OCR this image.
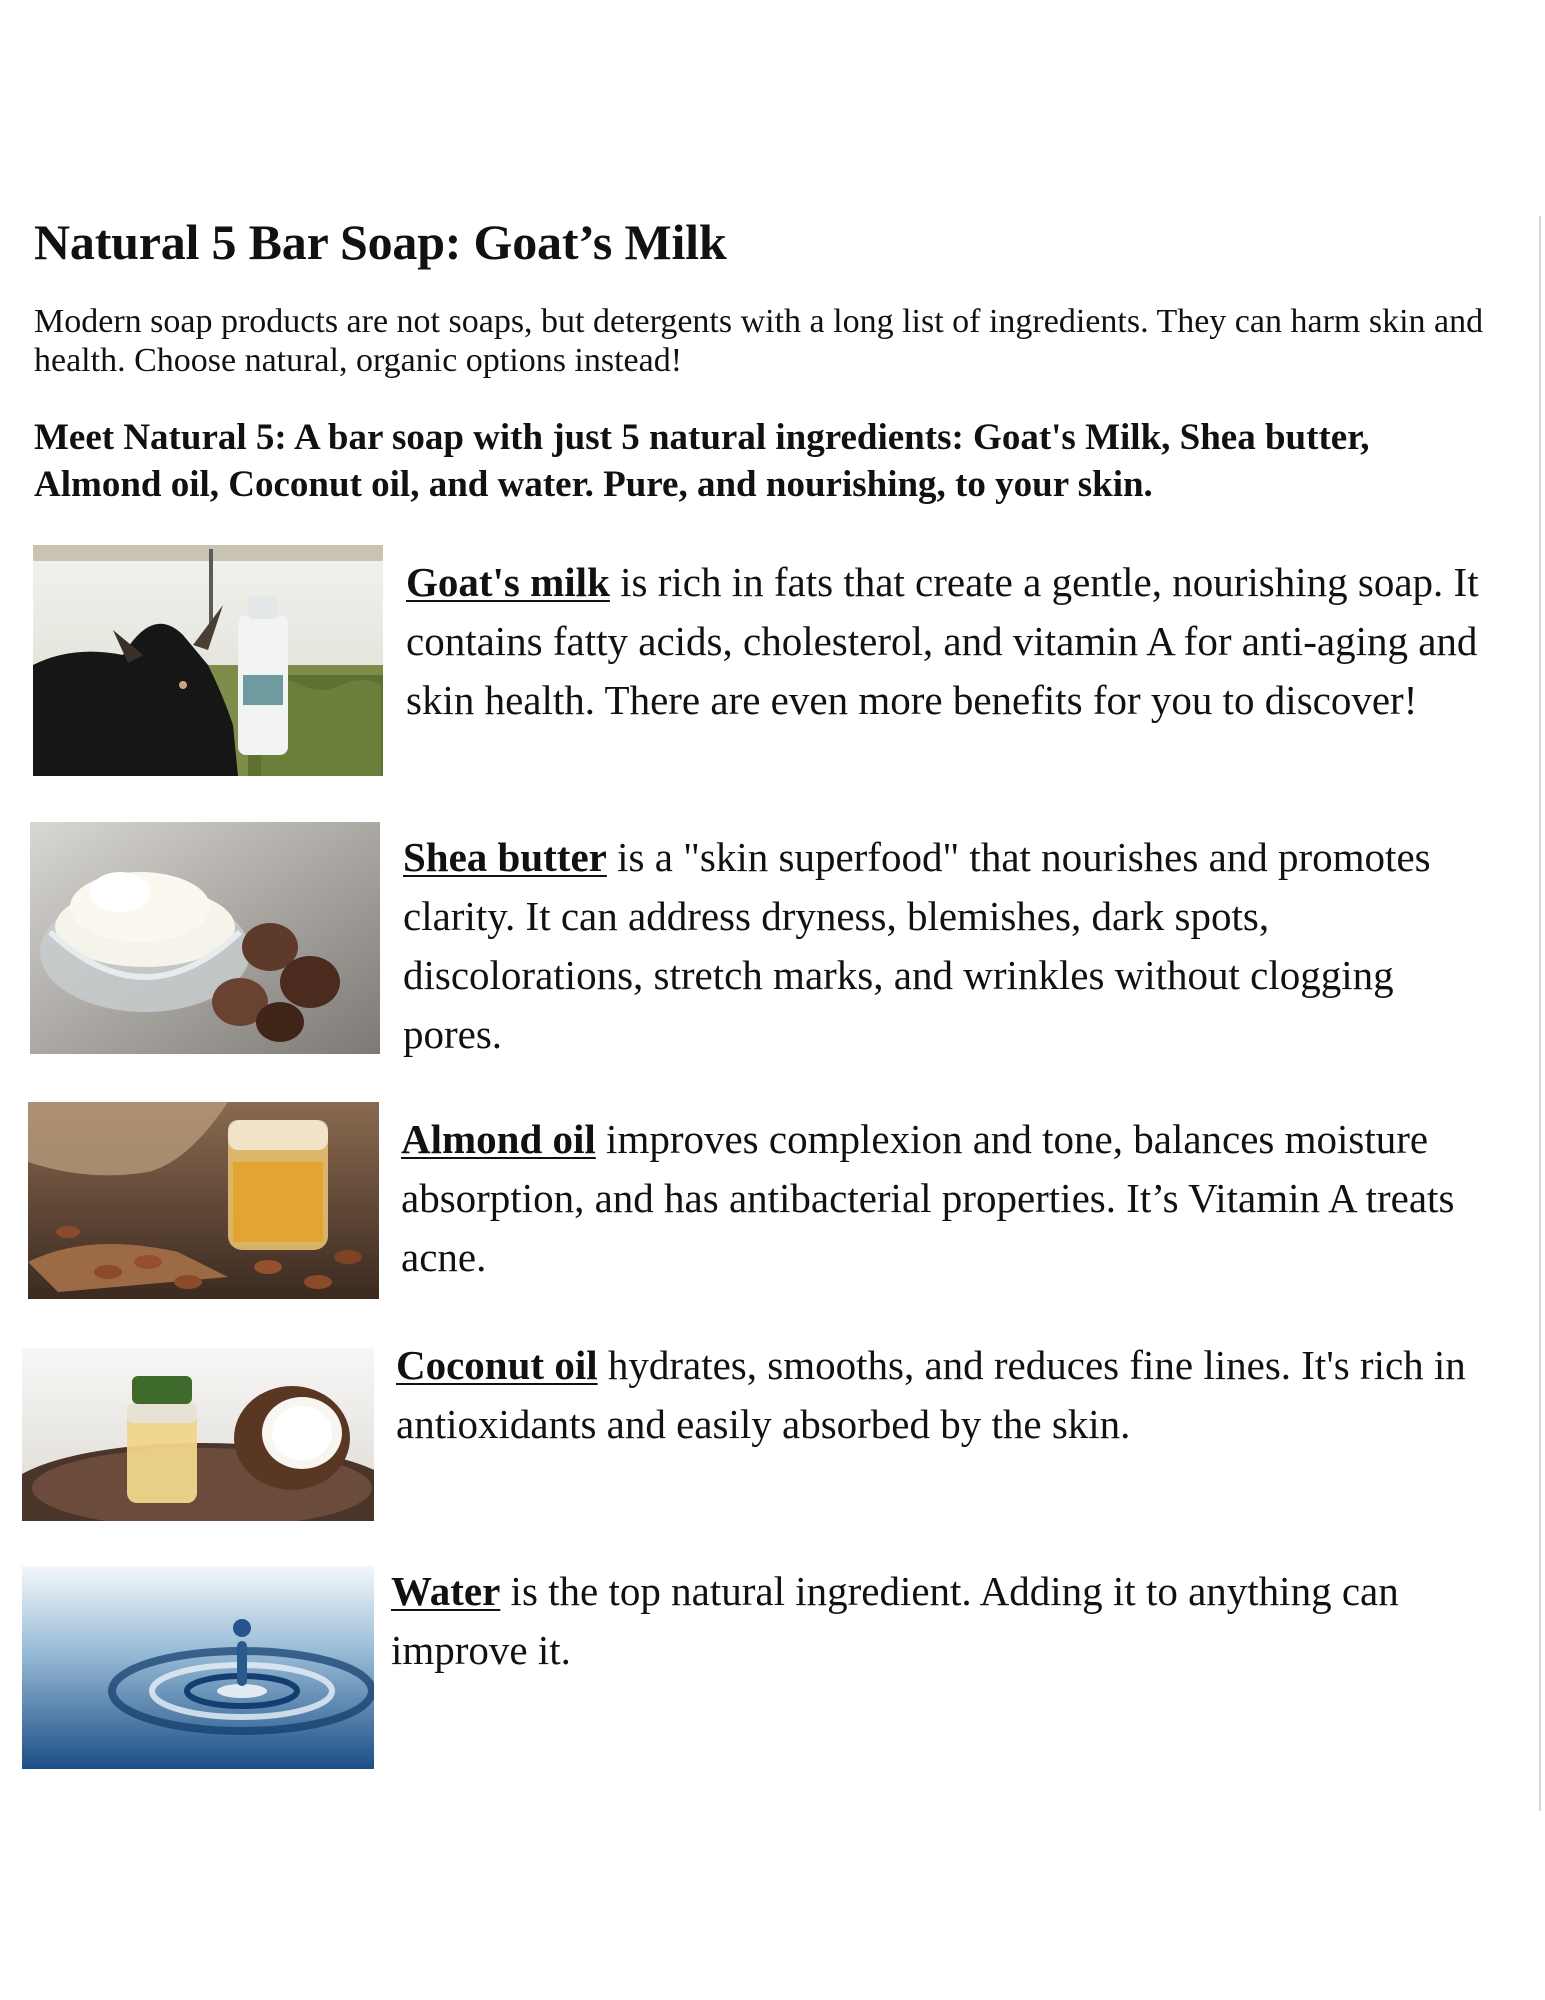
Natural 5 Bar Soap: Goat’s Milk
Modern soap products are not soaps, but detergents with a long list of ingredients. They can harm skin and health. Choose natural, organic options instead!
Meet Natural 5: A bar soap with just 5 natural ingredients: Goat's Milk, Shea butter, Almond oil, Coconut oil, and water. Pure, and nourishing, to your skin.
Goat's milk is rich in fats that create a gentle, nourishing soap. It contains fatty acids, cholesterol, and vitamin A for anti-aging and skin health. There are even more benefits for you to discover!
Shea butter is a "skin superfood" that nourishes and promotes clarity. It can address dryness, blemishes, dark spots, discolorations, stretch marks, and wrinkles without clogging pores.
Almond oil improves complexion and tone, balances moisture absorption, and has antibacterial properties. It’s Vitamin A treats acne.
Coconut oil hydrates, smooths, and reduces fine lines. It's rich in antioxidants and easily absorbed by the skin.
Water is the top natural ingredient. Adding it to anything can improve it.
